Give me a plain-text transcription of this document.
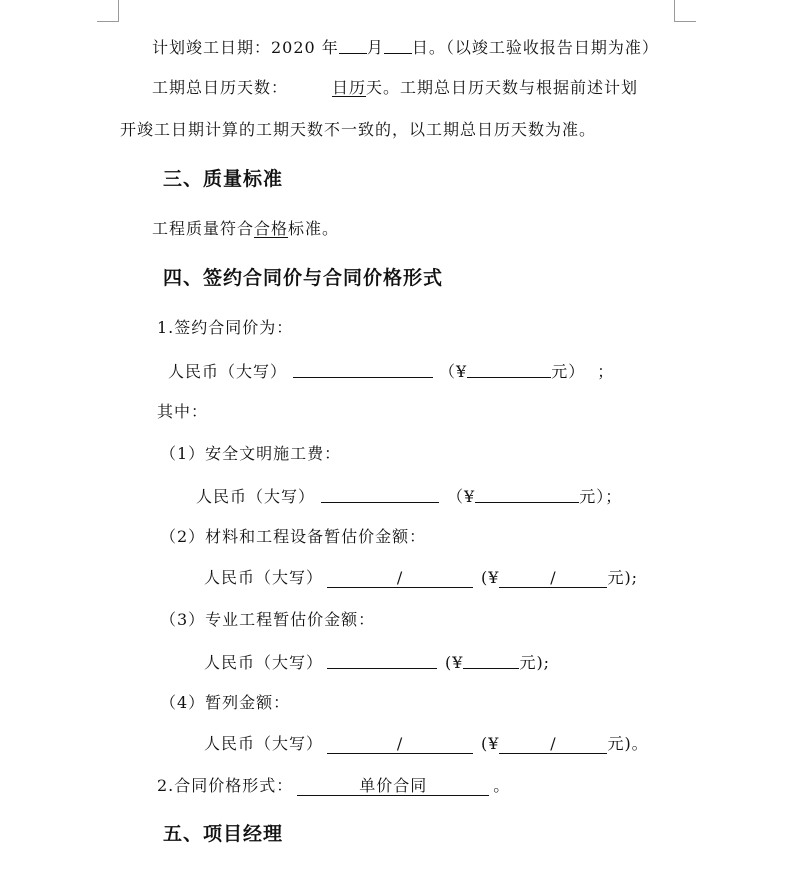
计划竣工日期：2020 年 月 日。（以竣工验收报告日期为准）
工期总日历天数：	日历天。工期总日历天数与根据前述计划
开竣工日期计算的工期天数不一致的，以工期总日历天数为准。
三、质量标准
工程质量符合合格标准。
四、签约合同价与合同价格形式
1.签约合同价为：
人民币（大写）	（¥	元） ；
其中：
（1）安全文明施工费：
人民币（大写）	（¥	元）；
（2）材料和工程设备暂估价金额：
人民币（大写）	/	(¥	/	元);
（3）专业工程暂估价金额：
人民币（大写）	(¥	元);
（4）暂列金额：
人民币（大写）	/	(¥	/	元)。
2.合同价格形式：	单价合同	。
五、项目经理
